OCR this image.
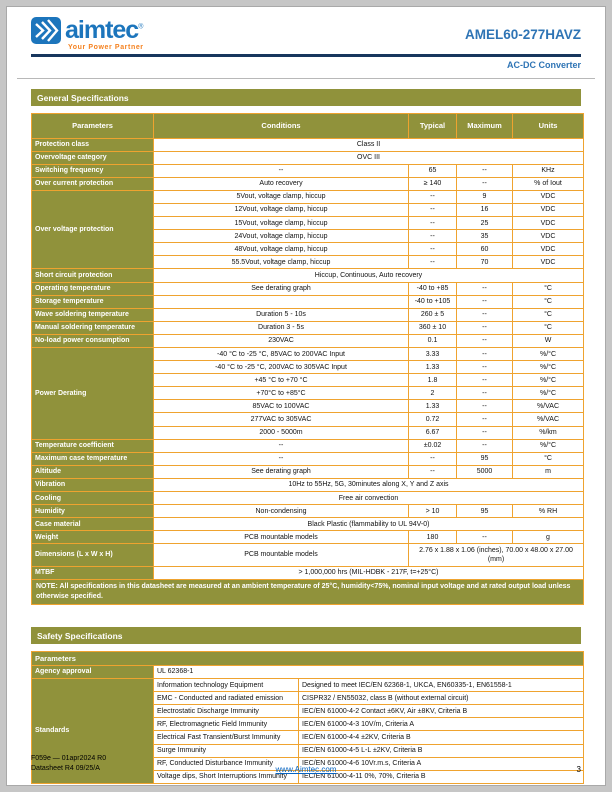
aimtec®
Your Power Partner
AMEL60-277HAVZ
AC-DC Converter
General Specifications
Parameters	Conditions	Typical	Maximum	Units
Protection class	Class II			
Overvoltage category	OVC III			
Switching frequency	--	65	--	KHz
Over current protection	Auto recovery	≥ 140	--	% of Iout
Over voltage protection	5Vout, voltage clamp, hiccup	--	9	VDC
	12Vout, voltage clamp, hiccup	--	16	VDC
	15Vout, voltage clamp, hiccup	--	25	VDC
	24Vout, voltage clamp, hiccup	--	35	VDC
	48Vout, voltage clamp, hiccup	--	60	VDC
	55.5Vout, voltage clamp, hiccup	--	70	VDC
Short circuit protection	Hiccup, Continuous, Auto recovery			
Operating temperature	See derating graph	-40 to +85	--	°C
Storage temperature		-40 to +105	--	°C
Wave soldering temperature	Duration 5 - 10s	260 ± 5	--	°C
Manual soldering temperature	Duration 3 - 5s	360 ± 10	--	°C
No-load power consumption	230VAC	0.1	--	W
Power Derating	-40 °C to -25 °C, 85VAC to 200VAC Input	3.33	--	%/°C
	-40 °C to -25 °C, 200VAC to 305VAC Input	1.33	--	%/°C
	+45 °C to +70 °C	1.8	--	%/°C
	+70°C to +85°C	2	--	%/°C
	85VAC to 100VAC	1.33	--	%/VAC
	277VAC to 305VAC	0.72	--	%/VAC
	2000 - 5000m	6.67	--	%/km
Temperature coefficient	--	±0.02	--	%/°C
Maximum case temperature	--	--	95	°C
Altitude	See derating graph	--	5000	m
Vibration	10Hz to 55Hz, 5G, 30minutes along X, Y and Z axis			
Cooling	Free air convection			
Humidity	Non-condensing	> 10	95	% RH
Case material	Black Plastic (flammability to UL 94V-0)			
Weight	PCB mountable models	180	--	g
Dimensions (L x W x H)	PCB mountable models	2.76 x 1.88 x 1.06 (inches), 70.00 x 48.00 x 27.00 (mm)		
MTBF	> 1,000,000 hrs (MIL-HDBK - 217F, t=+25°C)			
NOTE: All specifications in this datasheet are measured at an ambient temperature of 25°C, humidity<75%, nominal input voltage and at rated output load unless otherwise specified.				
Safety Specifications
Parameters		
Agency approval	UL 62368-1	
Standards	Information technology Equipment	Designed to meet IEC/EN 62368-1, UKCA, EN60335-1, EN61558-1
	EMC - Conducted and radiated emission	CISPR32 / EN55032, class B (without external circuit)
	Electrostatic Discharge Immunity	IEC/EN 61000-4-2 Contact ±6KV, Air ±8KV, Criteria B
	RF, Electromagnetic Field Immunity	IEC/EN 61000-4-3 10V/m, Criteria A
	Electrical Fast Transient/Burst Immunity	IEC/EN 61000-4-4 ±2KV, Criteria B
	Surge Immunity	IEC/EN 61000-4-5 L-L ±2KV, Criteria B
	RF, Conducted Disturbance Immunity	IEC/EN 61000-4-6 10Vr.m.s, Criteria A
	Voltage dips, Short Interruptions Immunity	IEC/EN 61000-4-11 0%, 70%, Criteria B
F059e — 01apr2024 R0
Datasheet R4 09/25/A	www.Aimtec.com	3
